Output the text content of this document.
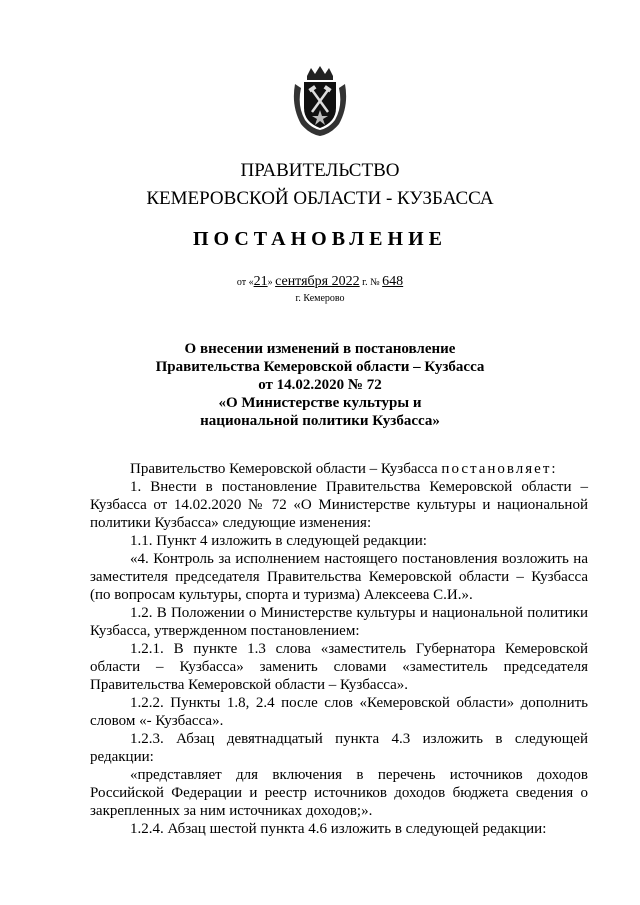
ПРАВИТЕЛЬСТВО
КЕМЕРОВСКОЙ ОБЛАСТИ - КУЗБАССА
ПОСТАНОВЛЕНИЕ
от «21» сентября 2022 г. № 648
г. Кемерово
О внесении изменений в постановление
Правительства Кемеровской области – Кузбасса
от 14.02.2020 № 72
«О Министерстве культуры и
национальной политики Кузбасса»

Правительство Кемеровской области – Кузбасса постановляет:

1. Внести в постановление Правительства Кемеровской области – Кузбасса от 14.02.2020 № 72 «О Министерстве культуры и национальной политики Кузбасса» следующие изменения:

1.1. Пункт 4 изложить в следующей редакции:

«4. Контроль за исполнением настоящего постановления возложить на заместителя председателя Правительства Кемеровской области – Кузбасса (по вопросам культуры, спорта и туризма) Алексеева С.И.».

1.2. В Положении о Министерстве культуры и национальной политики Кузбасса, утвержденном постановлением:

1.2.1. В пункте 1.3 слова «заместитель Губернатора Кемеровской области – Кузбасса» заменить словами «заместитель председателя Правительства Кемеровской области – Кузбасса».

1.2.2. Пункты 1.8, 2.4 после слов «Кемеровской области» дополнить словом «- Кузбасса».

1.2.3. Абзац девятнадцатый пункта 4.3 изложить в следующей редакции:

«представляет для включения в перечень источников доходов Российской Федерации и реестр источников доходов бюджета сведения о закрепленных за ним источниках доходов;».

1.2.4. Абзац шестой пункта 4.6 изложить в следующей редакции:
